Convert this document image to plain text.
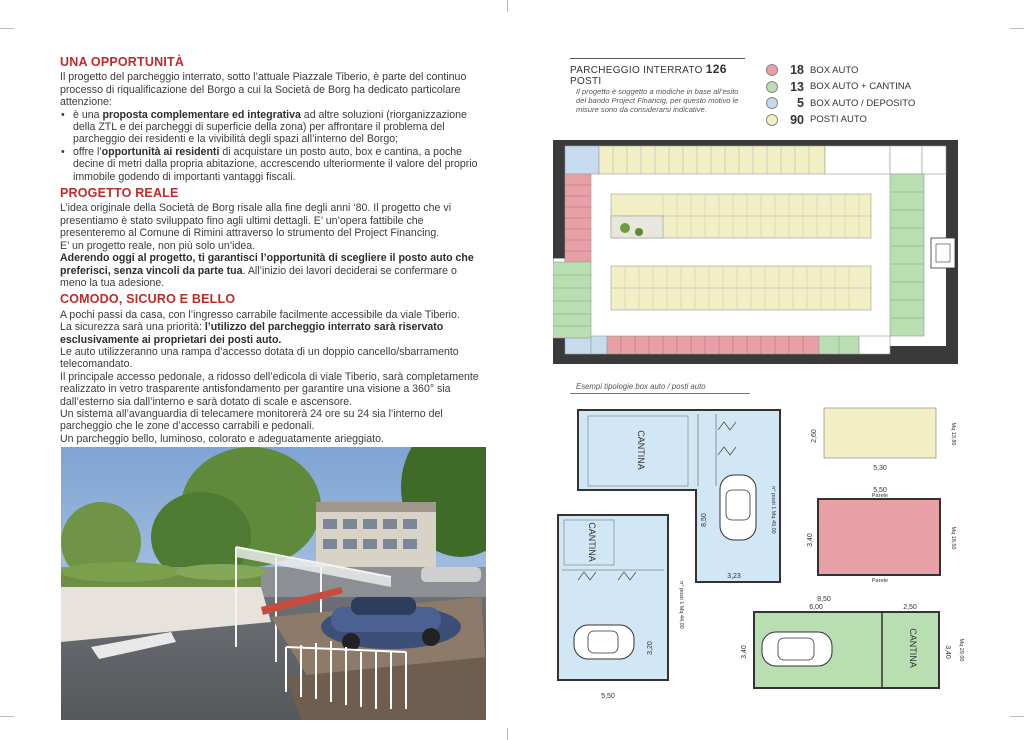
UNA OPPORTUNITÀ

Il progetto del parcheggio interrato, sotto l’attuale Piazzale Tiberio, è parte del continuo processo di riqualificazione del Borgo a cui la Società de Borg ha dedicato particolare attenzione:

• è una proposta complementare ed integrativa ad altre soluzioni (riorganizzazione della ZTL e dei parcheggi di superficie della zona) per affrontare il problema del parcheggio dei residenti e la vivibilità degli spazi all’interno del Borgo;
• offre l’opportunità ai residenti di acquistare un posto auto, box e cantina, a poche decine di metri dalla propria abitazione, accrescendo ulteriormente il valore del proprio immobile godendo di importanti vantaggi fiscali.
PROGETTO REALE

L’idea originale della Società de Borg risale alla fine degli anni ‘80. Il progetto che vi presentiamo è stato sviluppato fino agli ultimi dettagli. E’ un’opera fattibile che presenteremo al Comune di Rimini attraverso lo strumento del Project Financing.

E’ un progetto reale, non più solo un’idea.

Aderendo oggi al progetto, ti garantisci l’opportunità di scegliere il posto auto che preferisci, senza vincoli da parte tua. All’inizio dei lavori deciderai se confermare o meno la tua adesione.

COMODO, SICURO E BELLO

A pochi passi da casa, con l’ingresso carrabile facilmente accessibile da viale Tiberio.

La sicurezza sarà una priorità: l’utilizzo del parcheggio interrato sarà riservato esclusivamente ai proprietari dei posti auto.

Le auto utilizzeranno una rampa d’accesso dotata di un doppio cancello/sbarramento telecomandato.

Il principale accesso pedonale, a ridosso dell’edicola di viale Tiberio, sarà completamente realizzato in vetro trasparente antisfondamento per garantire una visione a 360° sia dall’esterno sia dall’interno e sarà dotato di scale e ascensore.

Un sistema all’avanguardia di telecamere monitorerà 24 ore su 24 sia l’interno del parcheggio che le zone d’accesso carrabili e pedonali.

Un parcheggio bello, luminoso, colorato e adeguatamente arieggiato.

PARCHEGGIO INTERRATO 126 POSTI
Il progetto è soggetto a modiche in base all’esito del bando Project Financig, per questo motivo le misure sono da considerarsi indicative.
18 BOX AUTO
13 BOX AUTO + CANTINA
5 BOX AUTO / DEPOSITO
90 POSTI AUTO
Esempi tipologie box auto / posti auto
CANTINA
8,50
3,23
n° posti 1 Mq 49,00
CANTINA
3,20
5,50
n° posti 1 Mq 44,00
2,60
5,30
Mq 13,80
5,50
Parete
Parete
3,40	Mq 18,50
8,50
6,00	2,50
CANTINA
3,40	3,40 Mq 29,00
